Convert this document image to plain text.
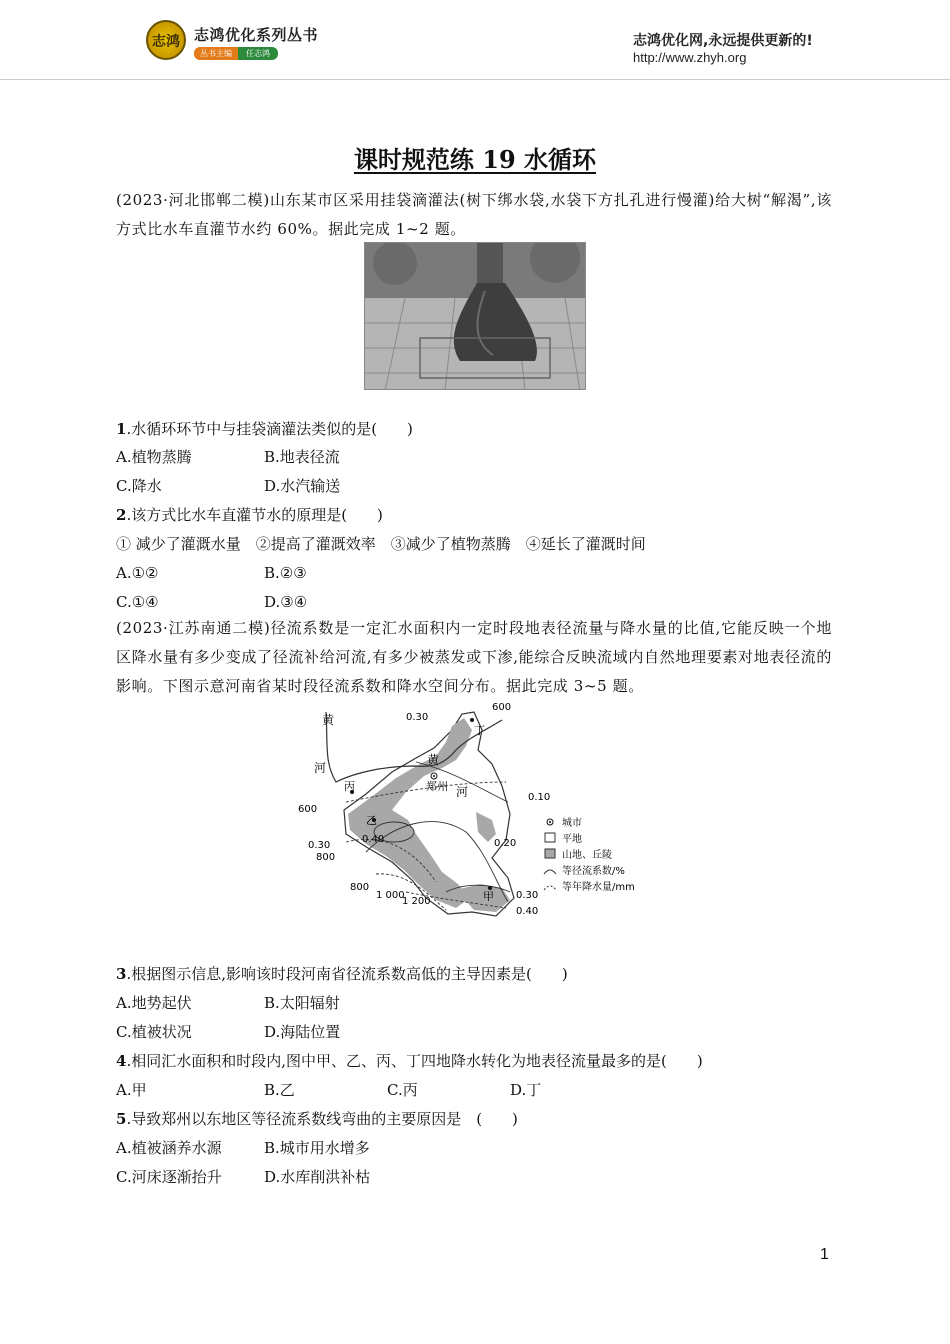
志鸿 志鸿优化系列丛书
丛书主编 任志鸿
志鸿优化网,永远提供更新的!
http://www.zhyh.org
课时规范练 19 水循环
(2023·河北邯郸二模)山东某市区采用挂袋滴灌法(树下绑水袋,水袋下方扎孔进行慢灌)给大树“解渴”,该方式比水车直灌节水约 60%。据此完成 1~2 题。
1.水循环环节中与挂袋滴灌法类似的是(　　)
A.植物蒸腾	B.地表径流
C.降水	D.水汽输送
2.该方式比水车直灌节水的原理是(　　)
① 减少了灌溉水量　②提高了灌溉效率　③减少了植物蒸腾　④延长了灌溉时间
A.①②	B.②③
C.①④	D.③④
(2023·江苏南通二模)径流系数是一定汇水面积内一定时段地表径流量与降水量的比值,它能反映一个地区降水量有多少变成了径流补给河流,有多少被蒸发或下渗,能综合反映流域内自然地理要素对地表径流的影响。下图示意河南省某时段径流系数和降水空间分布。据此完成 3~5 题。
黄
河
黄
河
郑州
甲
乙
丙
丁
0.30
600
0.10
600
0.20
0.30
0.40
800
800
1 000
1 200
0.30
0.40
城市
平地
山地、丘陵
等径流系数/%
等年降水量/mm
3.根据图示信息,影响该时段河南省径流系数高低的主导因素是(　　)
A.地势起伏	B.太阳辐射
C.植被状况	D.海陆位置
4.相同汇水面积和时段内,图中甲、乙、丙、丁四地降水转化为地表径流量最多的是(　　)
A.甲	B.乙	C.丙	D.丁
5.导致郑州以东地区等径流系数线弯曲的主要原因是　(　　)
A.植被涵养水源	B.城市用水增多
C.河床逐渐抬升	D.水库削洪补枯
1
